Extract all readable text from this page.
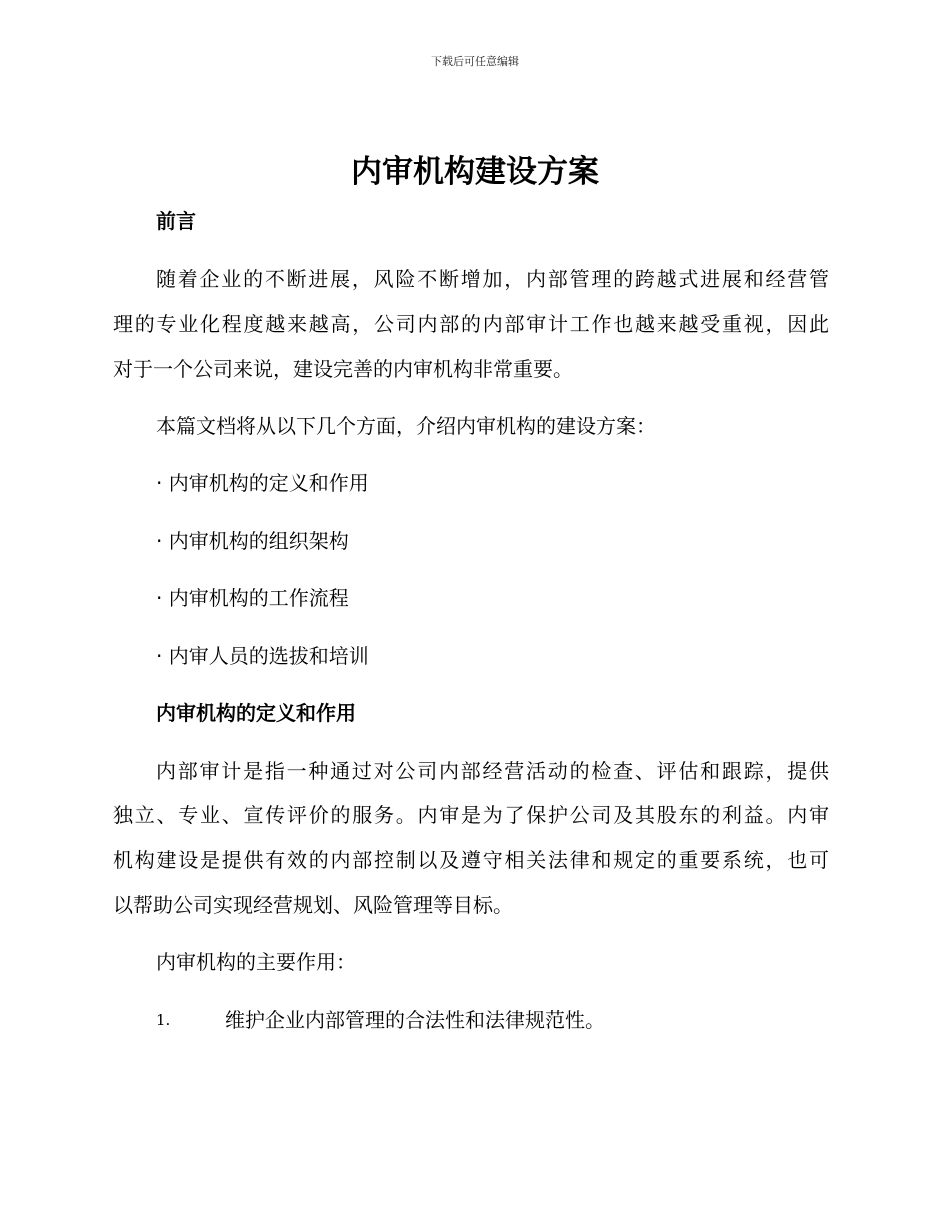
下载后可任意编辑
内审机构建设方案
前言
随着企业的不断进展，风险不断增加，内部管理的跨越式进展和经营管
理的专业化程度越来越高，公司内部的内部审计工作也越来越受重视，因此
对于一个公司来说，建设完善的内审机构非常重要。
本篇文档将从以下几个方面，介绍内审机构的建设方案：
· 内审机构的定义和作用
· 内审机构的组织架构
· 内审机构的工作流程
· 内审人员的选拔和培训
内审机构的定义和作用
内部审计是指一种通过对公司内部经营活动的检查、评估和跟踪，提供
独立、专业、宣传评价的服务。内审是为了保护公司及其股东的利益。内审
机构建设是提供有效的内部控制以及遵守相关法律和规定的重要系统，也可
以帮助公司实现经营规划、风险管理等目标。
内审机构的主要作用：
1.	维护企业内部管理的合法性和法律规范性。
